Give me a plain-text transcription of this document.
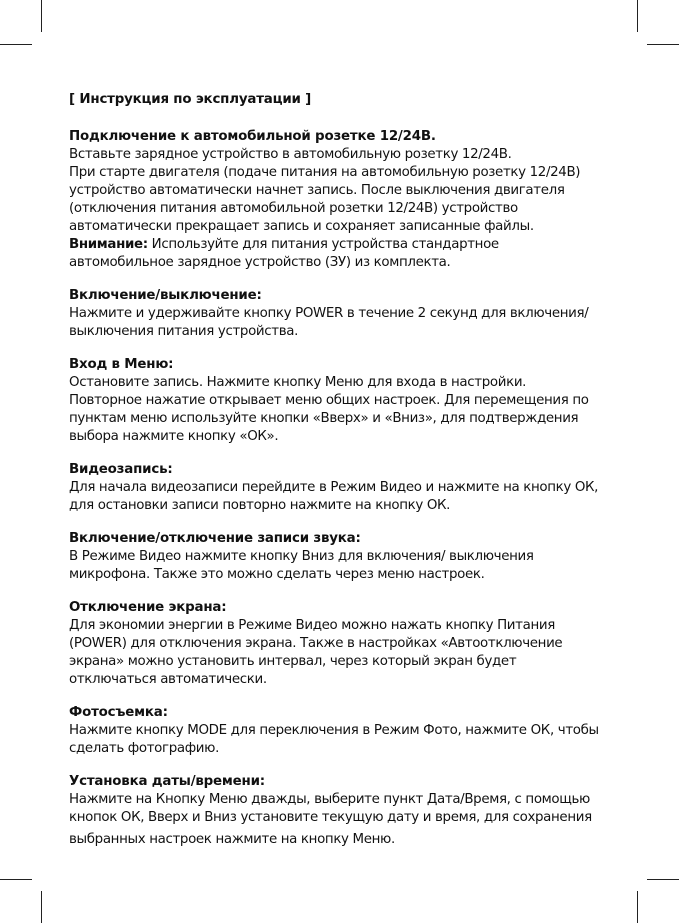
[ Инструкция по эксплуатации ]
Подключение к автомобильной розетке 12/24В.
Вставьте зарядное устройство в автомобильную розетку 12/24В.
При старте двигателя (подаче питания на автомобильную розетку 12/24В)
устройство автоматически начнет запись. После выключения двигателя
(отключения питания автомобильной розетки 12/24В) устройство
автоматически прекращает запись и сохраняет записанные файлы.
Внимание: Используйте для питания устройства стандартное
автомобильное зарядное устройство (ЗУ) из комплекта.
Включение/выключение:
Нажмите и удерживайте кнопку POWER в течение 2 секунд для включения/
выключения питания устройства.
Вход в Меню:
Остановите запись. Нажмите кнопку Меню для входа в настройки.
Повторное нажатие открывает меню общих настроек. Для перемещения по
пунктам меню используйте кнопки «Вверх» и «Вниз», для подтверждения
выбора нажмите кнопку «ОК».
Видеозапись:
Для начала видеозаписи перейдите в Режим Видео и нажмите на кнопку ОК,
для остановки записи повторно нажмите на кнопку ОК.
Включение/отключение записи звука:
В Режиме Видео нажмите кнопку Вниз для включения/ выключения
микрофона. Также это можно сделать через меню настроек.
Отключение экрана:
Для экономии энергии в Режиме Видео можно нажать кнопку Питания
(POWER) для отключения экрана. Также в настройках «Автоотключение
экрана» можно установить интервал, через который экран будет
отключаться автоматически.
Фотосъемка:
Нажмите кнопку MODE для переключения в Режим Фото, нажмите ОК, чтобы
сделать фотографию.
Установка даты/времени:
Нажмите на Кнопку Меню дважды, выберите пункт Дата/Время, с помощью
кнопок ОК, Вверх и Вниз установите текущую дату и время, для сохранения
выбранных настроек нажмите на кнопку Меню.
